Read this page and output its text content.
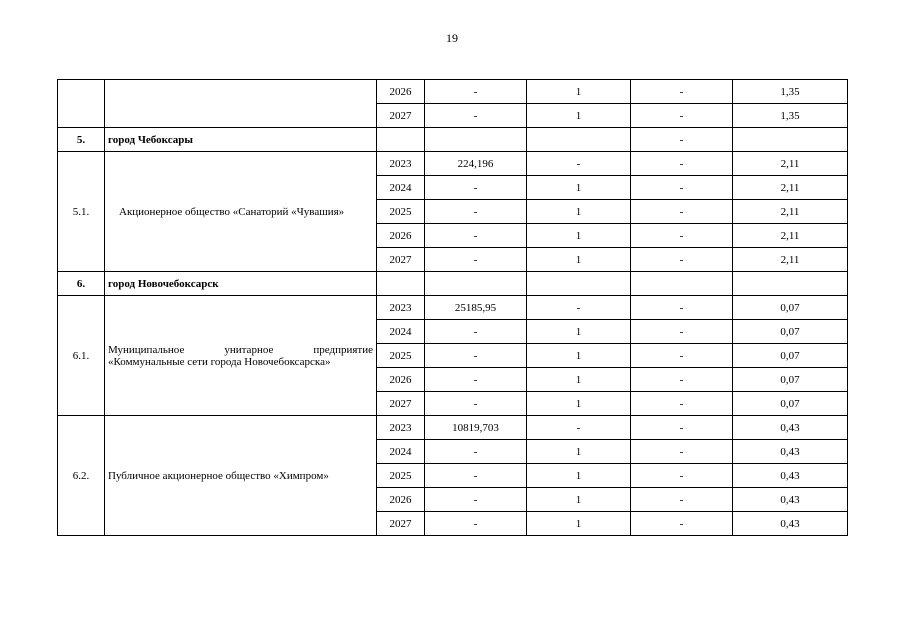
19
		2026	-	1	-	1,35
		2027	-	1	-	1,35
5.	город Чебоксары				-	
5.1.	Акционерное общество «Санаторий «Чувашия»	2023	224,196	-	-	2,11
		2024	-	1	-	2,11
		2025	-	1	-	2,11
		2026	-	1	-	2,11
		2027	-	1	-	2,11
6.	город Новочебоксарск					
6.1.	Муниципальное унитарное предприятие «Коммунальные сети города Новочебоксарска»	2023	25185,95	-	-	0,07
		2024	-	1	-	0,07
		2025	-	1	-	0,07
		2026	-	1	-	0,07
		2027	-	1	-	0,07
6.2.	Публичное акционерное общество «Химпром»	2023	10819,703	-	-	0,43
		2024	-	1	-	0,43
		2025	-	1	-	0,43
		2026	-	1	-	0,43
		2027	-	1	-	0,43
